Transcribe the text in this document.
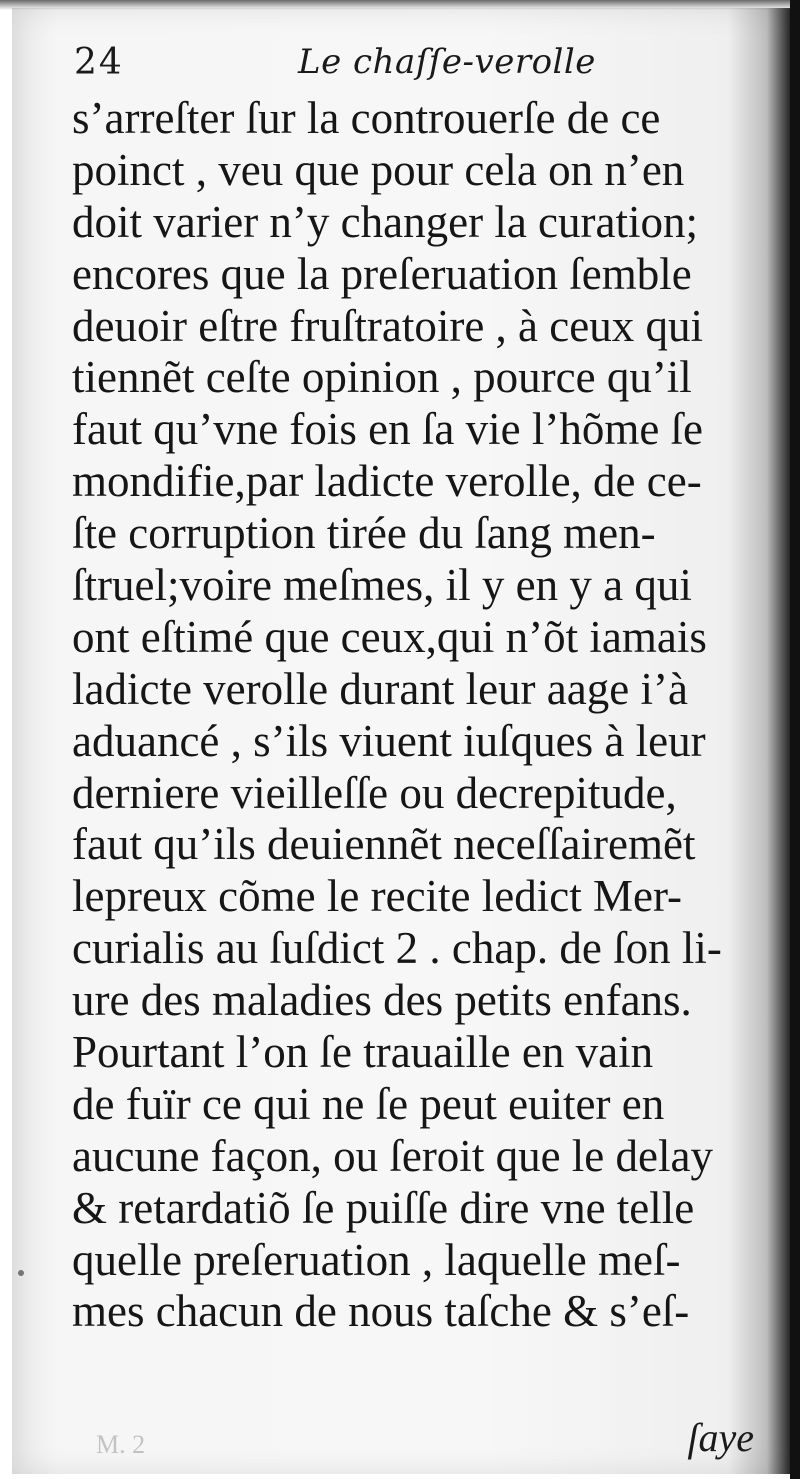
24	Le chaſſe-verolle
s’arreſter ſur la controuerſe de ce
poinct , veu que pour cela on n’en
doit varier n’y changer la curation;
encores que la preſeruation ſemble
deuoir eſtre fruſtratoire , à ceux qui
tiennẽt ceſte opinion , pource qu’il
faut qu’vne fois en ſa vie l’hõme ſe
mondifie,par ladicte verolle, de ce-
ſte corruption tirée du ſang men-
ſtruel;voire meſmes, il y en y a qui
ont eſtimé que ceux,qui n’õt iamais
ladicte verolle durant leur aage i’à
aduancé , s’ils viuent iuſques à leur
derniere vieilleſſe ou decrepitude,
faut qu’ils deuiennẽt neceſſairemẽt
lepreux cõme le recite ledict Mer-
curialis au ſuſdict 2 . chap. de ſon li-
ure des maladies des petits enfans.
Pourtant l’on ſe trauaille en vain
de fuïr ce qui ne ſe peut euiter en
aucune façon, ou ſeroit que le delay
& retardatiõ ſe puiſſe dire vne telle
quelle preſeruation , laquelle meſ-
mes chacun de nous taſche & s’eſ-
M. 2	ſaye
